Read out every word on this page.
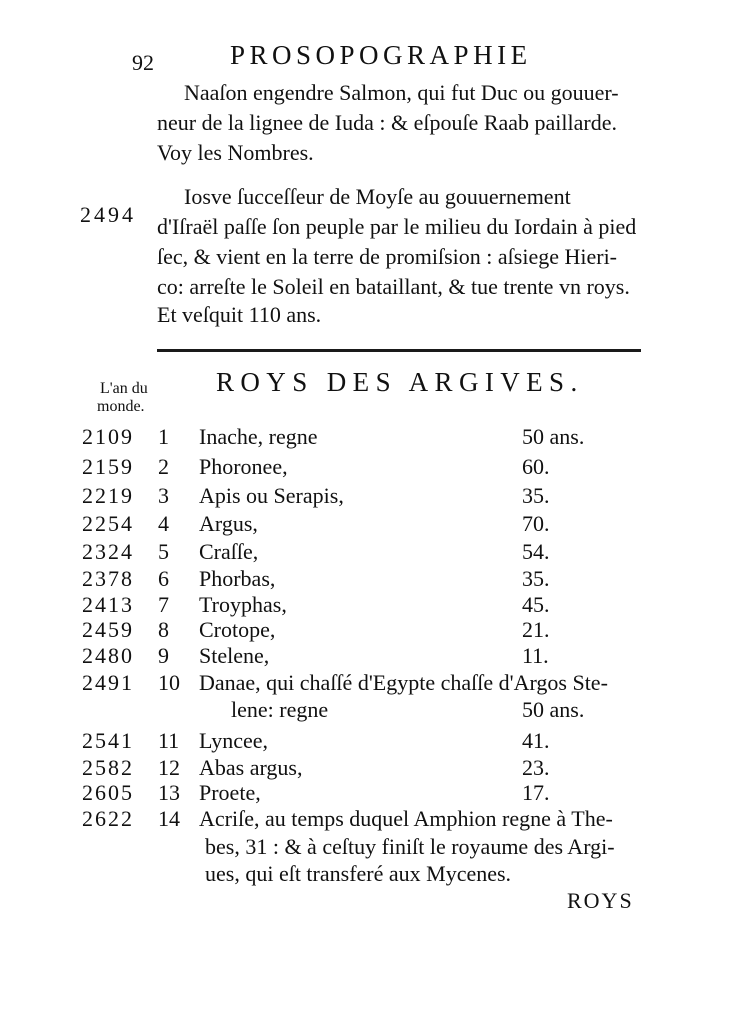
92	PROSOPOGRAPHIE
Naaſon engendre Salmon, qui fut Duc ou gouuer-
neur de la lignee de Iuda : & eſpouſe Raab paillarde.
Voy les Nombres.
2494
Iosve ſucceſſeur de Moyſe au gouuernement
d'Iſraël paſſe ſon peuple par le milieu du Iordain à pied
ſec, & vient en la terre de promiſsion : aſsiege Hieri-
co: arreſte le Soleil en bataillant, & tue trente vn roys.
Et veſquit 110 ans.
L'an du
monde.
ROYS DES ARGIVES.
2109 1 Inache, regne	50 ans.
2159 2 Phoronee,	60.
2219 3 Apis ou Serapis,	35.
2254 4 Argus,	70.
2324 5 Craſſe,	54.
2378 6 Phorbas,	35.
2413 7 Troyphas,	45.
2459 8 Crotope,	21.
2480 9 Stelene,	11.
2491 10 Danae, qui chaſſé d'Egypte chaſſe d'Argos Ste-
lene: regne	50 ans.
2541 11 Lyncee,	41.
2582 12 Abas argus,	23.
2605 13 Proete,	17.
2622 14 Acriſe, au temps duquel Amphion regne à The-
bes, 31 : & à ceſtuy finiſt le royaume des Argi-
ues, qui eſt transferé aux Mycenes.
ROYS
